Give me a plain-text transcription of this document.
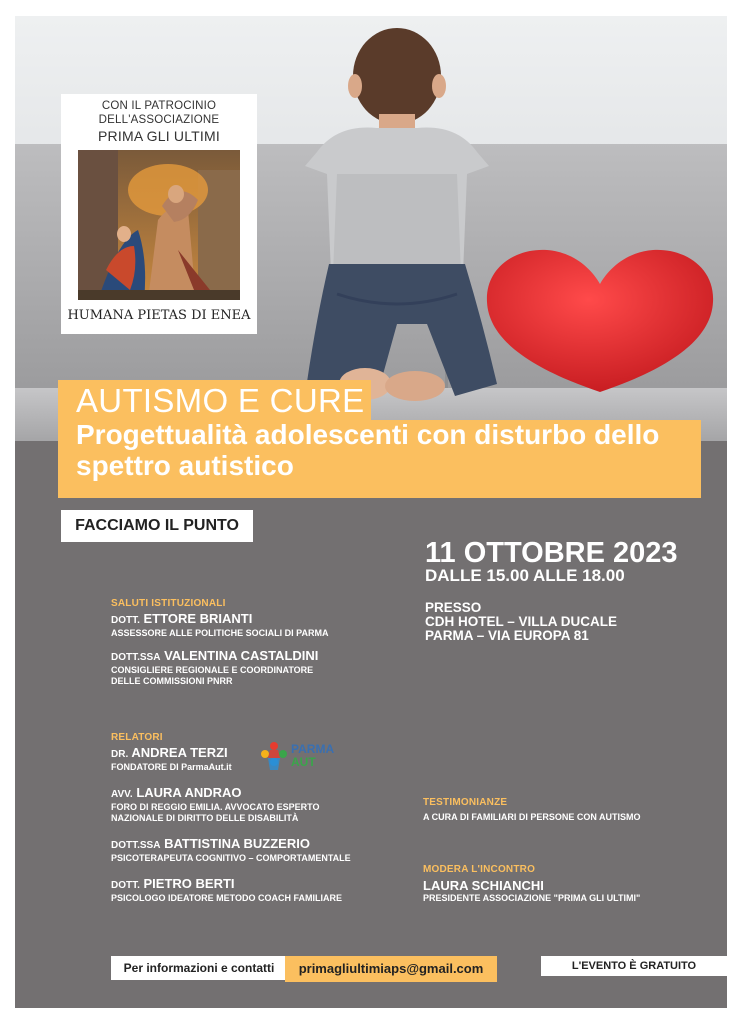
CON IL PATROCINIO
DELL'ASSOCIAZIONE
PRIMA GLI ULTIMI
HUMANA PIETAS DI ENEA
AUTISMO E CURE
Progettualità adolescenti con disturbo dello spettro autistico
FACCIAMO IL PUNTO
11 OTTOBRE 2023
DALLE 15.00 ALLE 18.00
PRESSO
CDH HOTEL – VILLA DUCALE
PARMA – VIA EUROPA 81
SALUTI ISTITUZIONALI
DOTT. ETTORE BRIANTI
ASSESSORE ALLE POLITICHE SOCIALI DI PARMA
DOTT.SSA VALENTINA CASTALDINI
CONSIGLIERE REGIONALE E COORDINATORE
DELLE COMMISSIONI PNRR
RELATORI
DR. ANDREA TERZI
FONDATORE DI ParmaAut.it
PARMA
AUT
AVV. LAURA ANDRAO
FORO DI REGGIO EMILIA. AVVOCATO ESPERTO
NAZIONALE DI DIRITTO DELLE DISABILITÀ
DOTT.SSA BATTISTINA BUZZERIO
PSICOTERAPEUTA COGNITIVO – COMPORTAMENTALE
DOTT. PIETRO BERTI
PSICOLOGO IDEATORE METODO COACH FAMILIARE
TESTIMONIANZE
A CURA DI FAMILIARI DI PERSONE CON AUTISMO
MODERA L'INCONTRO
LAURA SCHIANCHI
PRESIDENTE ASSOCIAZIONE "PRIMA GLI ULTIMI"
Per informazioni e contatti	primagliultimiaps@gmail.com	L'EVENTO È GRATUITO
